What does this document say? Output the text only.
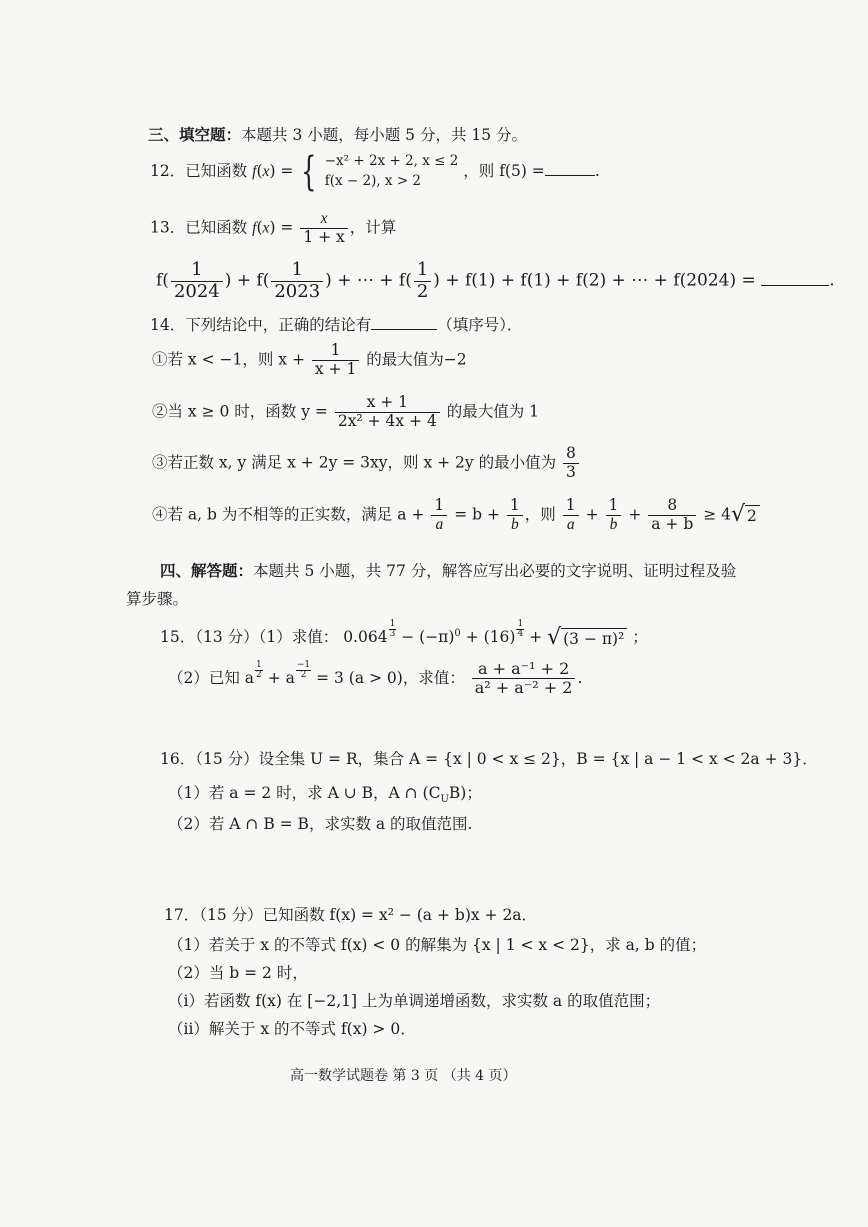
三、填空题：本题共 3 小题，每小题 5 分，共 15 分。
12．已知函数 f(x) = { −x² + 2x + 2, x ≤ 2
f(x − 2), x > 2
，则 f(5) =	.
13．已知函数 $f(x) = \frac{x}{1 + x}$ ，计算
$f( \frac{1}{2024}$ ) + $f( \frac{1}{2023}$ ) + ⋯ + $f( \frac{1}{2}$ ) + f(1) + f(1) + f(2) + ⋯ + f(2024) =	.
14．下列结论中，正确的结论有	（填序号）．
①若 x < −1，则 $x + \frac{1}{x + 1}$ 的最大值为−2
②当 x ≥ 0 时，函数 $y = \frac{x + 1}{\text{2x² + 4x + 4}}$ 的最大值为 1
③若正数 x, y 满足 x + 2y = 3xy，则 x + 2y 的最小值为 $\frac{8}{3}$
④若 a, b 为不相等的正实数，满足 $a + \frac{1}{a} = b + \frac{1}{b}$ ，则 $\frac{1}{a} + \frac{1}{b} + \frac{8}{a + b} \ge 4√$ 2
四、解答题：本题共 5 小题，共 77 分，解答应写出必要的文字说明、证明过程及验
算步骤。
15．（13 分）（1）求值： $0.064 \frac{1}{3} - (-\pi)^0 + (16) \frac{1}{4}$ + √ (3 − π)² ；
（2）已知 a $\frac{1}{2} + a \frac{-1}{2} = 3$ (a > 0)，求值： $\frac{\text{a + a⁻¹ + 2}}{\text{a² + a⁻² + 2}}$ .
16．（15 分）设全集 U = R，集合 A = {x | 0 < x ≤ 2}，B = {x | a − 1 < x < 2a + 3}．
（1）若 a = 2 时，求 A ∪ B，A ∩ $(C_UB)$；
（2）若 A ∩ B = B，求实数 a 的取值范围.
17．（15 分）已知函数 f(x) = x² − (a + b)x + 2a．
（1）若关于 x 的不等式 f(x) < 0 的解集为 {x | 1 < x < 2}，求 a, b 的值；
（2）当 b = 2 时，
（i）若函数 f(x) 在 [−2,1] 上为单调递增函数，求实数 a 的取值范围；
（ii）解关于 x 的不等式 f(x) > 0．
高一数学试题卷 第 3 页 （共 4 页）
